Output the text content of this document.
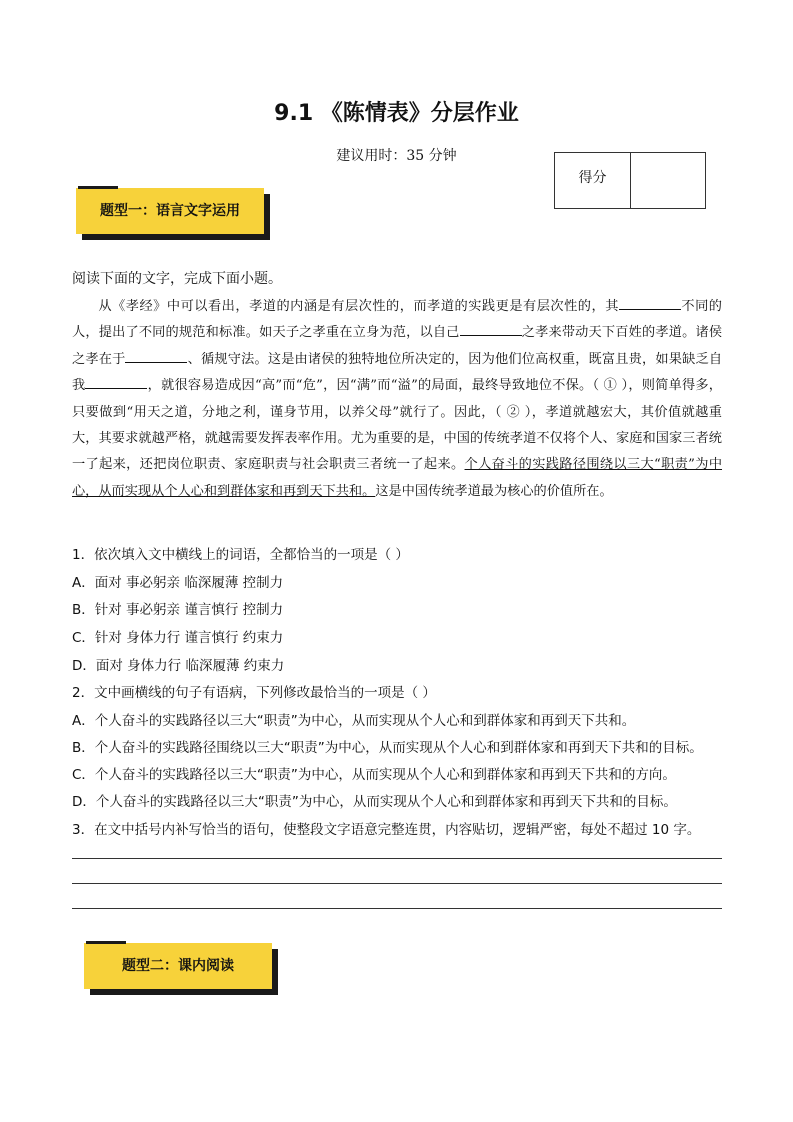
9.1 《陈情表》分层作业
建议用时：35 分钟
得分
题型一：语言文字运用
阅读下面的文字，完成下面小题。

从《孝经》中可以看出，孝道的内涵是有层次性的，而孝道的实践更是有层次性的，其	不同的人，提出了不同的规范和标准。如天子之孝重在立身为范，以自己	之孝来带动天下百姓的孝道。诸侯之孝在于	、循规守法。这是由诸侯的独特地位所决定的，因为他们位高权重，既富且贵，如果缺乏自我	，就很容易造成因“高”而“危”，因“满”而“溢”的局面，最终导致地位不保。（ ① ），则简单得多，只要做到“用天之道，分地之利，谨身节用，以养父母”就行了。因此，（ ② ），孝道就越宏大，其价值就越重大，其要求就越严格，就越需要发挥表率作用。尤为重要的是，中国的传统孝道不仅将个人、家庭和国家三者统一了起来，还把岗位职责、家庭职责与社会职责三者统一了起来。个人奋斗的实践路径围绕以三大“职责”为中心，从而实现从个人心和到群体家和再到天下共和。这是中国传统孝道最为核心的价值所在。

1．依次填入文中横线上的词语，全都恰当的一项是（ ）
A．面对 事必躬亲 临深履薄 控制力
B．针对 事必躬亲 谨言慎行 控制力
C．针对 身体力行 谨言慎行 约束力
D．面对 身体力行 临深履薄 约束力
2．文中画横线的句子有语病，下列修改最恰当的一项是（ ）
A．个人奋斗的实践路径以三大“职责”为中心，从而实现从个人心和到群体家和再到天下共和。
B．个人奋斗的实践路径围绕以三大“职责”为中心，从而实现从个人心和到群体家和再到天下共和的目标。
C．个人奋斗的实践路径以三大“职责”为中心，从而实现从个人心和到群体家和再到天下共和的方向。
D．个人奋斗的实践路径以三大“职责”为中心，从而实现从个人心和到群体家和再到天下共和的目标。
3．在文中括号内补写恰当的语句，使整段文字语意完整连贯，内容贴切，逻辑严密，每处不超过 10 字。
题型二：课内阅读
